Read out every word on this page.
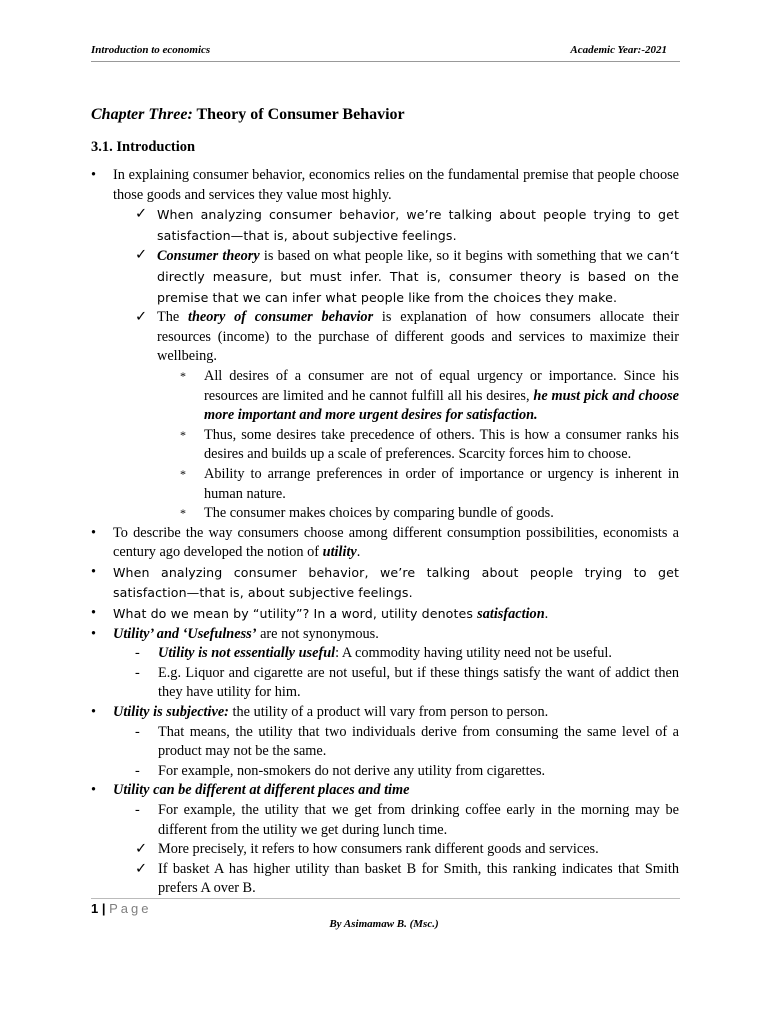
Introduction to economics	Academic Year:-2021
Chapter Three: Theory of Consumer Behavior
3.1. Introduction
• In explaining consumer behavior, economics relies on the fundamental premise that people choose those goods and services they value most highly.
✓ When analyzing consumer behavior, we’re talking about people trying to get satisfaction—that is, about subjective feelings.
✓ Consumer theory is based on what people like, so it begins with something that we can‘t directly measure, but must infer. That is, consumer theory is based on the premise that we can infer what people like from the choices they make.
✓ The theory of consumer behavior is explanation of how consumers allocate their resources (income) to the purchase of different goods and services to maximize their wellbeing.
* All desires of a consumer are not of equal urgency or importance. Since his resources are limited and he cannot fulfill all his desires, he must pick and choose more important and more urgent desires for satisfaction.
* Thus, some desires take precedence of others. This is how a consumer ranks his desires and builds up a scale of preferences. Scarcity forces him to choose.
* Ability to arrange preferences in order of importance or urgency is inherent in human nature.
* The consumer makes choices by comparing bundle of goods.
• To describe the way consumers choose among different consumption possibilities, economists a century ago developed the notion of utility.
• When analyzing consumer behavior, we’re talking about people trying to get satisfaction—that is, about subjective feelings.
• What do we mean by “utility”? In a word, utility denotes satisfaction.
• Utility’ and ‘Usefulness’ are not synonymous.
- Utility is not essentially useful: A commodity having utility need not be useful.
- E.g. Liquor and cigarette are not useful, but if these things satisfy the want of addict then they have utility for him.
• Utility is subjective: the utility of a product will vary from person to person.
- That means, the utility that two individuals derive from consuming the same level of a product may not be the same.
- For example, non-smokers do not derive any utility from cigarettes.
• Utility can be different at different places and time
- For example, the utility that we get from drinking coffee early in the morning may be different from the utility we get during lunch time.
✓ More precisely, it refers to how consumers rank different goods and services.
✓ If basket A has higher utility than basket B for Smith, this ranking indicates that Smith prefers A over B.
1 | Page
By Asimamaw B. (Msc.)
